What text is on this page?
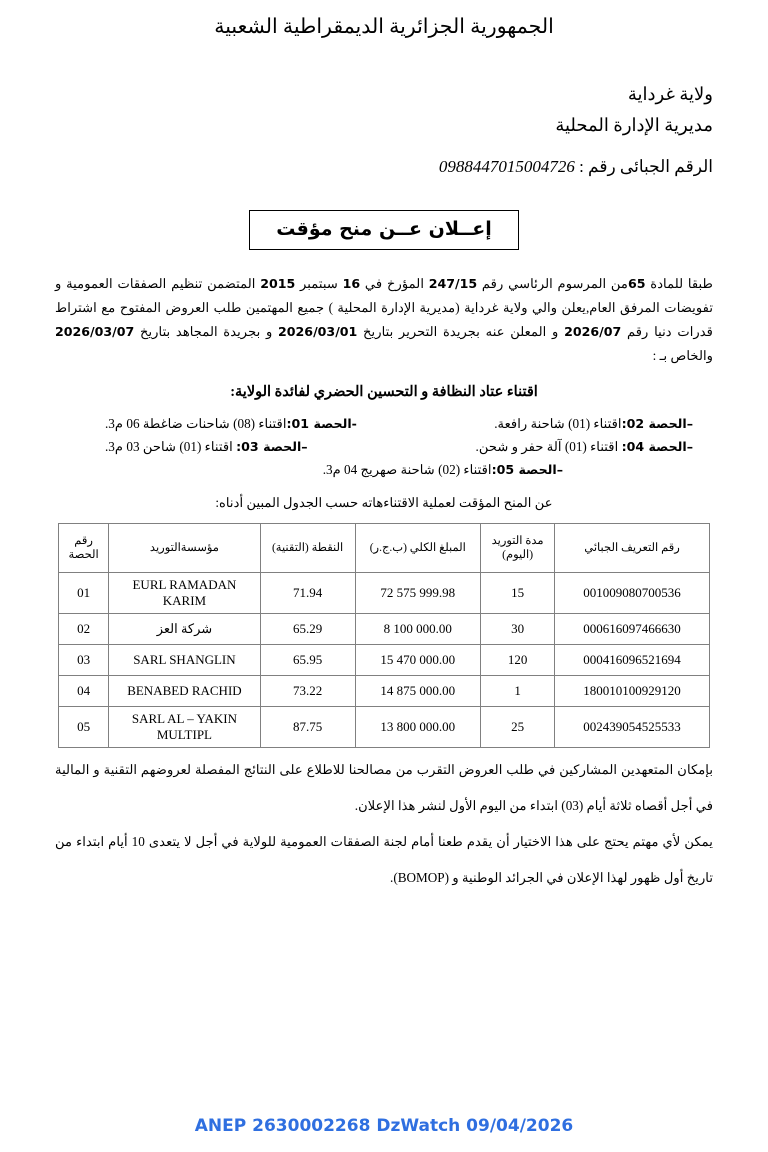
الجمهورية الجزائرية الديمقراطية الشعبية
ولاية غرداية
مديرية الإدارة المحلية
الرقم الجبائى رقم : 0988447015004726
إعــلان عــن منح مؤقت

طبقا للمادة 65من المرسوم الرئاسي رقم 247/15 المؤرخ في 16 سبتمبر 2015 المتضمن تنظيم الصفقات العمومية و تفويضات المرفق العام,يعلن والي ولاية غرداية (مديرية الإدارة المحلية ) جميع المهتمين طلب العروض المفتوح مع اشتراط قدرات دنيا رقم 2026/07 و المعلن عنه بجريدة التحرير بتاريخ 2026/03/01 و بجريدة المجاهد بتاريخ 2026/03/07 والخاص بـ :

اقتناء عتاد النظافة و التحسين الحضري لفائدة الولاية:
–الحصة 02:اقتناء (01) شاحنة رافعة.
-الحصة 01:اقتناء (08) شاحنات ضاغطة 06 م3.
–الحصة 04: اقتناء (01) آلة حفر و شحن.
–الحصة 03: اقتناء (01) شاحن 03 م3.
–الحصة 05:اقتناء (02) شاحنة صهريج 04 م3.
عن المنح المؤقت لعملية الاقتناءهاته حسب الجدول المبين أدناه:
رقم التعريف الجبائي	مدة التوريد (اليوم)	المبلغ الكلي (ب.ج.ر)	النقطة (التقنية)	مؤسسةالتوريد	رقم الحصة
001009080700536	15	72 575 999.98	71.94	EURL RAMADAN KARIM	01
000616097466630	30	8 100 000.00	65.29	شركة العز	02
000416096521694	120	15 470 000.00	65.95	SARL SHANGLIN	03
180010100929120	1	14 875 000.00	73.22	BENABED RACHID	04
002439054525533	25	13 800 000.00	87.75	SARL AL – YAKIN MULTIPL	05

بإمكان المتعهدين المشاركين في طلب العروض التقرب من مصالحنا للاطلاع على النتائج المفصلة لعروضهم التقنية و المالية في أجل أقصاه ثلاثة أيام (03) ابتداء من اليوم الأول لنشر هذا الإعلان.

يمكن لأي مهتم يحتج على هذا الاختيار أن يقدم طعنا أمام لجنة الصفقات العمومية للولاية في أجل لا يتعدى 10 أيام ابتداء من تاريخ أول ظهور لهذا الإعلان في الجرائد الوطنية و (BOMOP).

ANEP 2630002268 DzWatch 09/04/2026
